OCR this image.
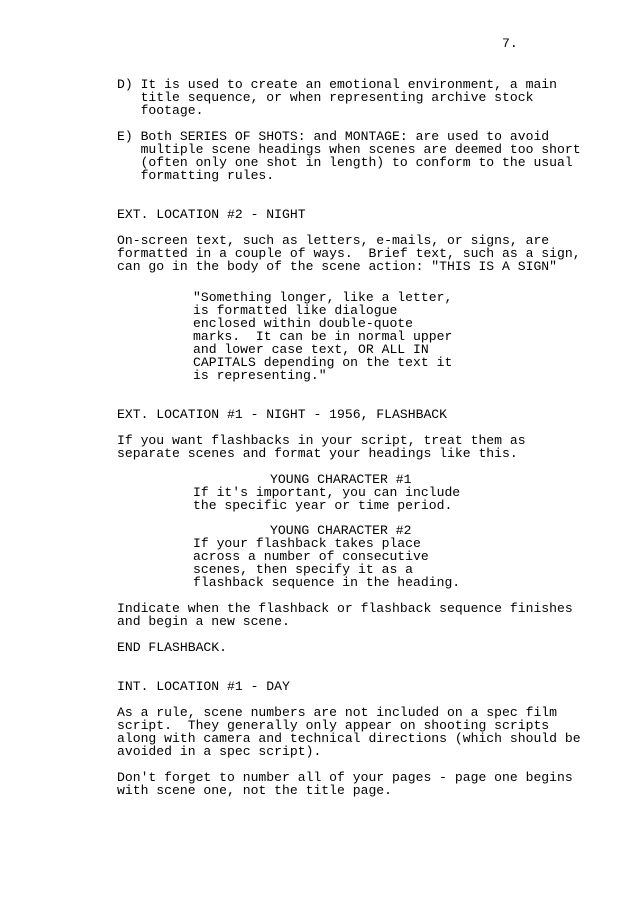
7.
D) It is used to create an emotional environment, a main
title sequence, or when representing archive stock
footage.
E) Both SERIES OF SHOTS: and MONTAGE: are used to avoid
multiple scene headings when scenes are deemed too short
(often only one shot in length) to conform to the usual
formatting rules.
EXT. LOCATION #2 - NIGHT
On-screen text, such as letters, e-mails, or signs, are
formatted in a couple of ways.  Brief text, such as a sign,
can go in the body of the scene action: "THIS IS A SIGN"
"Something longer, like a letter,
is formatted like dialogue
enclosed within double-quote
marks.  It can be in normal upper
and lower case text, OR ALL IN
CAPITALS depending on the text it
is representing."
EXT. LOCATION #1 - NIGHT - 1956, FLASHBACK
If you want flashbacks in your script, treat them as
separate scenes and format your headings like this.
YOUNG CHARACTER #1
If it's important, you can include
the specific year or time period.
YOUNG CHARACTER #2
If your flashback takes place
across a number of consecutive
scenes, then specify it as a
flashback sequence in the heading.
Indicate when the flashback or flashback sequence finishes
and begin a new scene.
END FLASHBACK.
INT. LOCATION #1 - DAY
As a rule, scene numbers are not included on a spec film
script.  They generally only appear on shooting scripts
along with camera and technical directions (which should be
avoided in a spec script).
Don't forget to number all of your pages - page one begins
with scene one, not the title page.
